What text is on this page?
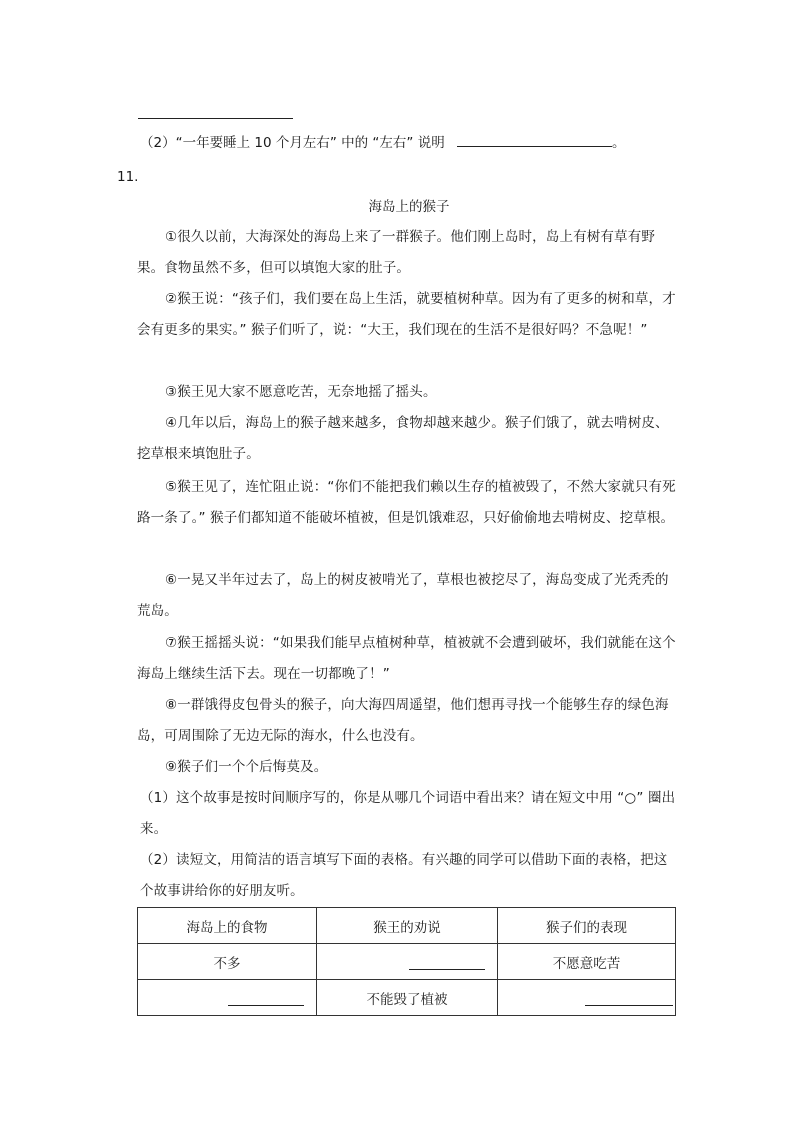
（2）“一年要睡上 10 个月左右” 中的 “左右” 说明	。
11.
海岛上的猴子

①很久以前，大海深处的海岛上来了一群猴子。他们刚上岛时，岛上有树有草有野果。食物虽然不多，但可以填饱大家的肚子。

②猴王说：“孩子们，我们要在岛上生活，就要植树种草。因为有了更多的树和草，才会有更多的果实。” 猴子们听了，说：“大王，我们现在的生活不是很好吗？不急呢！”

③猴王见大家不愿意吃苦，无奈地摇了摇头。

④几年以后，海岛上的猴子越来越多，食物却越来越少。猴子们饿了，就去啃树皮、挖草根来填饱肚子。

⑤猴王见了，连忙阻止说：“你们不能把我们赖以生存的植被毁了，不然大家就只有死路一条了。” 猴子们都知道不能破坏植被，但是饥饿难忍，只好偷偷地去啃树皮、挖草根。

⑥一晃又半年过去了，岛上的树皮被啃光了，草根也被挖尽了，海岛变成了光秃秃的荒岛。

⑦猴王摇摇头说：“如果我们能早点植树种草，植被就不会遭到破坏，我们就能在这个海岛上继续生活下去。现在一切都晚了！”

⑧一群饿得皮包骨头的猴子，向大海四周遥望，他们想再寻找一个能够生存的绿色海岛，可周围除了无边无际的海水，什么也没有。

⑨猴子们一个个后悔莫及。

（1）这个故事是按时间顺序写的，你是从哪几个词语中看出来？请在短文中用 “○” 圈出来。

（2）读短文，用简洁的语言填写下面的表格。有兴趣的同学可以借助下面的表格，把这个故事讲给你的好朋友听。

海岛上的食物	猴王的劝说	猴子们的表现
不多		不愿意吃苦
	不能毁了植被	
